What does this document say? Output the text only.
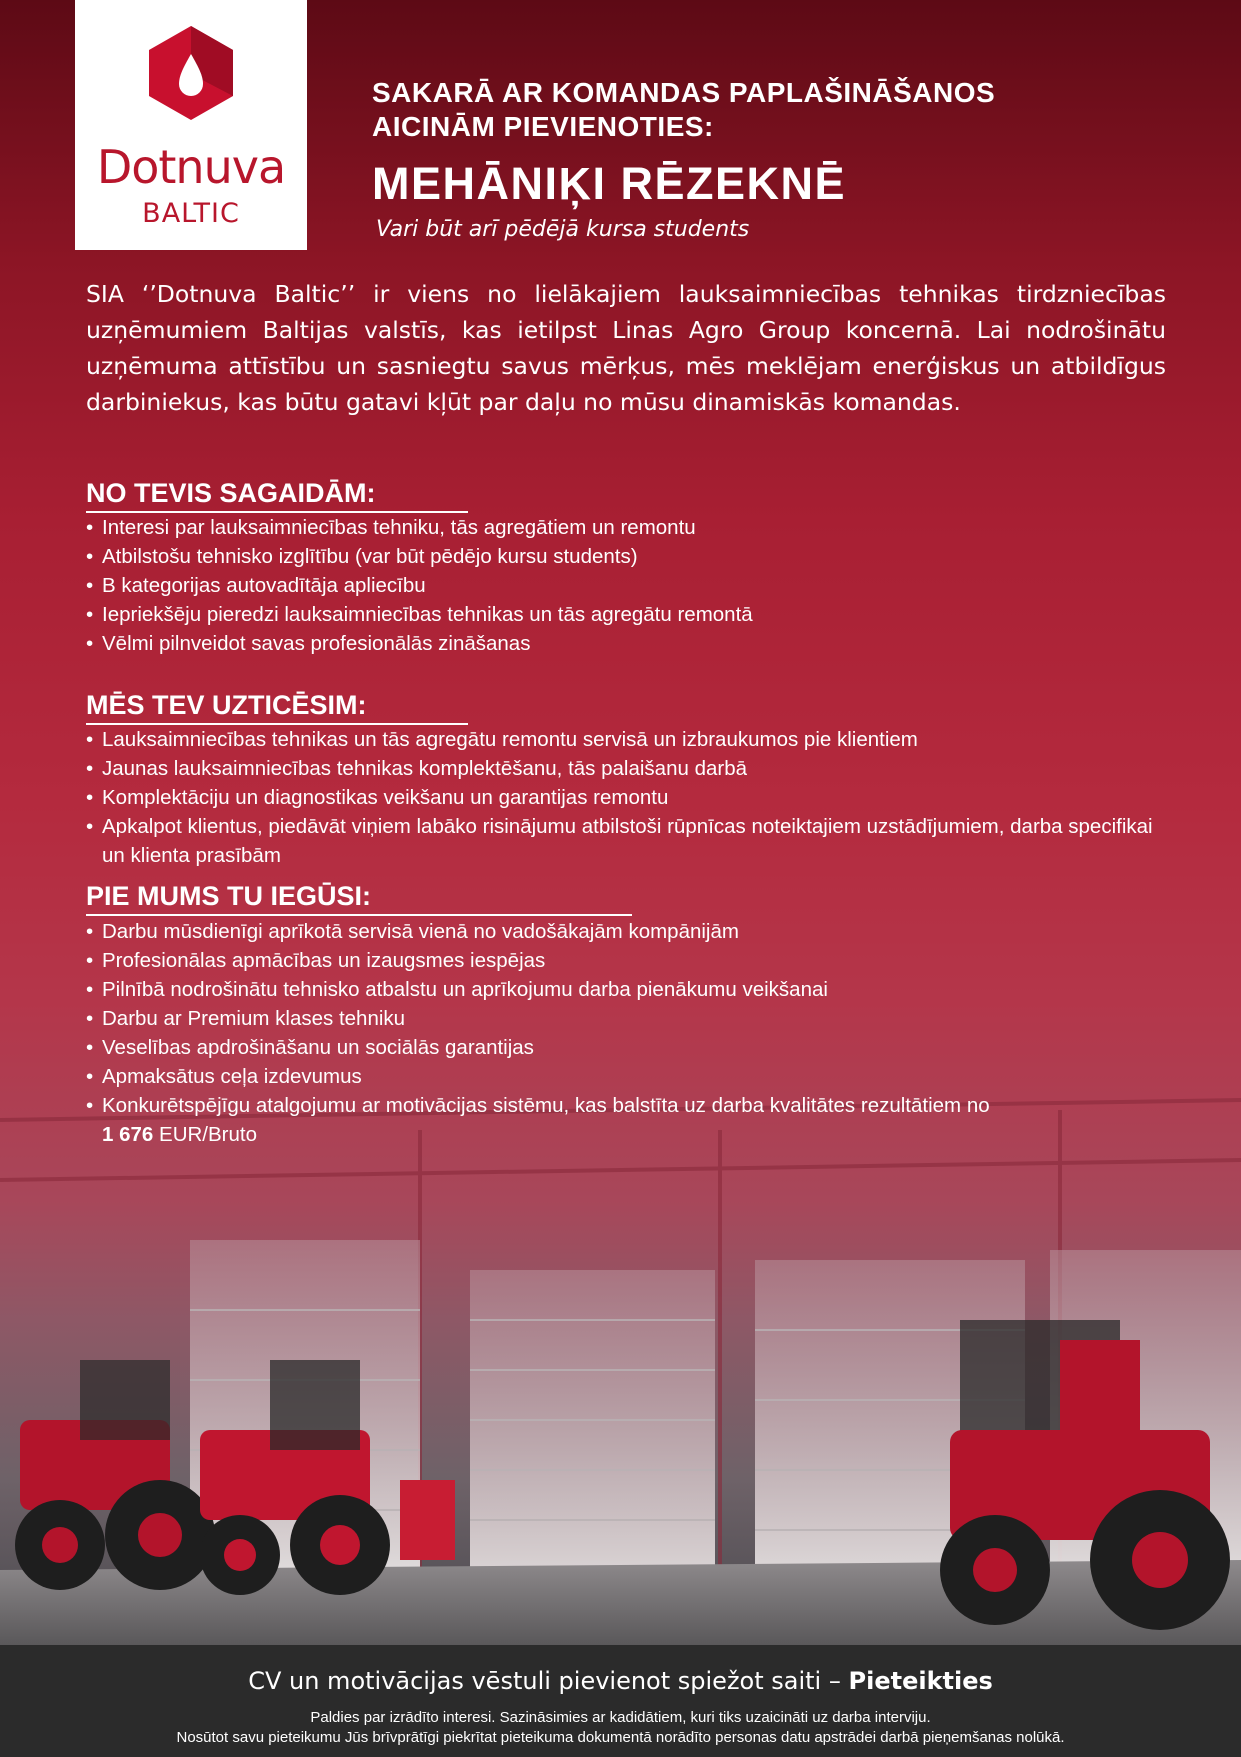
Dotnuva
BALTIC
SAKARĀ AR KOMANDAS PAPLAŠINĀŠANOS
AICINĀM PIEVIENOTIES:
MEHĀNIĶI RĒZEKNĒ
Vari būt arī pēdējā kursa students
SIA ‘’Dotnuva Baltic’’ ir viens no lielākajiem lauksaimniecības tehnikas tirdzniecības uzņēmumiem Baltijas valstīs, kas ietilpst Linas Agro Group koncernā. Lai nodrošinātu uzņēmuma attīstību un sasniegtu savus mērķus, mēs meklējam enerģiskus un atbildīgus darbiniekus, kas būtu gatavi kļūt par daļu no mūsu dinamiskās komandas.
NO TEVIS SAGAIDĀM:
• Interesi par lauksaimniecības tehniku, tās agregātiem un remontu
• Atbilstošu tehnisko izglītību (var būt pēdējo kursu students)
• B kategorijas autovadītāja apliecību
• Iepriekšēju pieredzi lauksaimniecības tehnikas un tās agregātu remontā
• Vēlmi pilnveidot savas profesionālās zināšanas
MĒS TEV UZTICĒSIM:
• Lauksaimniecības tehnikas un tās agregātu remontu servisā un izbraukumos pie klientiem
• Jaunas lauksaimniecības tehnikas komplektēšanu, tās palaišanu darbā
• Komplektāciju un diagnostikas veikšanu un garantijas remontu
• Apkalpot klientus, piedāvāt viņiem labāko risinājumu atbilstoši rūpnīcas noteiktajiem uzstādījumiem, darba specifikai un klienta prasībām
PIE MUMS TU IEGŪSI:
• Darbu mūsdienīgi aprīkotā servisā vienā no vadošākajām kompānijām
• Profesionālas apmācības un izaugsmes iespējas
• Pilnībā nodrošinātu tehnisko atbalstu un aprīkojumu darba pienākumu veikšanai
• Darbu ar Premium klases tehniku
• Veselības apdrošināšanu un sociālās garantijas
• Apmaksātus ceļa izdevumus
• Konkurētspējīgu atalgojumu ar motivācijas sistēmu, kas balstīta uz darba kvalitātes rezultātiem no
1 676 EUR/Bruto
CV un motivācijas vēstuli pievienot spiežot saiti – Pieteikties
Paldies par izrādīto interesi. Sazināsimies ar kadidātiem, kuri tiks uzaicināti uz darba interviju.
Nosūtot savu pieteikumu Jūs brīvprātīgi piekrītat pieteikuma dokumentā norādīto personas datu apstrādei darbā pieņemšanas nolūkā.
